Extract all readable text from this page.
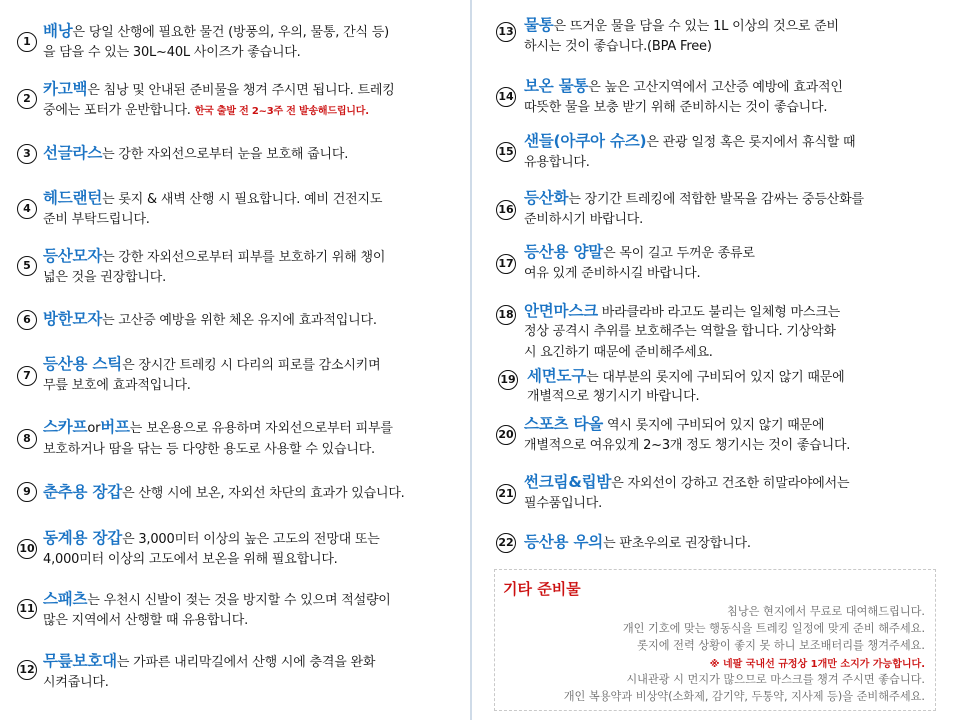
1
배낭은 당일 산행에 필요한 물건 (방풍의, 우의, 물통, 간식 등)
을 담을 수 있는 30L~40L 사이즈가 좋습니다.
2
카고백은 침낭 및 안내된 준비물을 챙겨 주시면 됩니다. 트레킹
중에는 포터가 운반합니다. 한국 출발 전 2~3주 전 발송해드립니다.
3 선글라스는 강한 자외선으로부터 눈을 보호해 줍니다.
4
헤드랜턴는 롯지 & 새벽 산행 시 필요합니다. 예비 건전지도
준비 부탁드립니다.
5
등산모자는 강한 자외선으로부터 피부를 보호하기 위해 챙이
넓은 것을 권장합니다.
6 방한모자는 고산증 예방을 위한 체온 유지에 효과적입니다.
7
등산용 스틱은 장시간 트레킹 시 다리의 피로를 감소시키며
무릎 보호에 효과적입니다.
8
스카프or버프는 보온용으로 유용하며 자외선으로부터 피부를
보호하거나 땀을 닦는 등 다양한 용도로 사용할 수 있습니다.
9 춘추용 장갑은 산행 시에 보온, 자외선 차단의 효과가 있습니다.
10
동계용 장갑은 3,000미터 이상의 높은 고도의 전망대 또는
4,000미터 이상의 고도에서 보온을 위해 필요합니다.
11
스패츠는 우천시 신발이 젖는 것을 방지할 수 있으며 적설량이
많은 지역에서 산행할 때 유용합니다.
12 무릎보호대는 가파른 내리막길에서 산행 시에 충격을 완화
시켜줍니다.
13 물통은 뜨거운 물을 담을 수 있는 1L 이상의 것으로 준비
하시는 것이 좋습니다.(BPA Free)
14
보온 물통은 높은 고산지역에서 고산증 예방에 효과적인
따뜻한 물을 보충 받기 위해 준비하시는 것이 좋습니다.
15
샌들(아쿠아 슈즈)은 관광 일정 혹은 롯지에서 휴식할 때
유용합니다.
16
등산화는 장기간 트레킹에 적합한 발목을 감싸는 중등산화를
준비하시기 바랍니다.
17
등산용 양말은 목이 길고 두꺼운 종류로
여유 있게 준비하시길 바랍니다.
18 안면마스크 바라클라바 라고도 불리는 일체형 마스크는
정상 공격시 추위를 보호해주는 역할을 합니다. 기상악화
시 요긴하기 때문에 준비해주세요.
19 세면도구는 대부분의 롯지에 구비되어 있지 않기 때문에
개별적으로 챙기시기 바랍니다.
20
스포츠 타올 역시 롯지에 구비되어 있지 않기 때문에
개별적으로 여유있게 2~3개 정도 챙기시는 것이 좋습니다.
21
썬크림&립밤은 자외선이 강하고 건조한 히말라야에서는
필수품입니다.
22 등산용 우의는 판초우의로 권장합니다.
기타 준비물
침낭은 현지에서 무료로 대여해드립니다.
개인 기호에 맞는 행동식을 트레킹 일정에 맞게 준비 해주세요.
롯지에 전력 상황이 좋지 못 하니 보조배터리를 챙겨주세요.
※ 네팔 국내선 규정상 1개만 소지가 가능합니다.
시내관광 시 먼지가 많으므로 마스크를 챙겨 주시면 좋습니다.
개인 복용약과 비상약(소화제, 감기약, 두통약, 지사제 등)을 준비해주세요.
